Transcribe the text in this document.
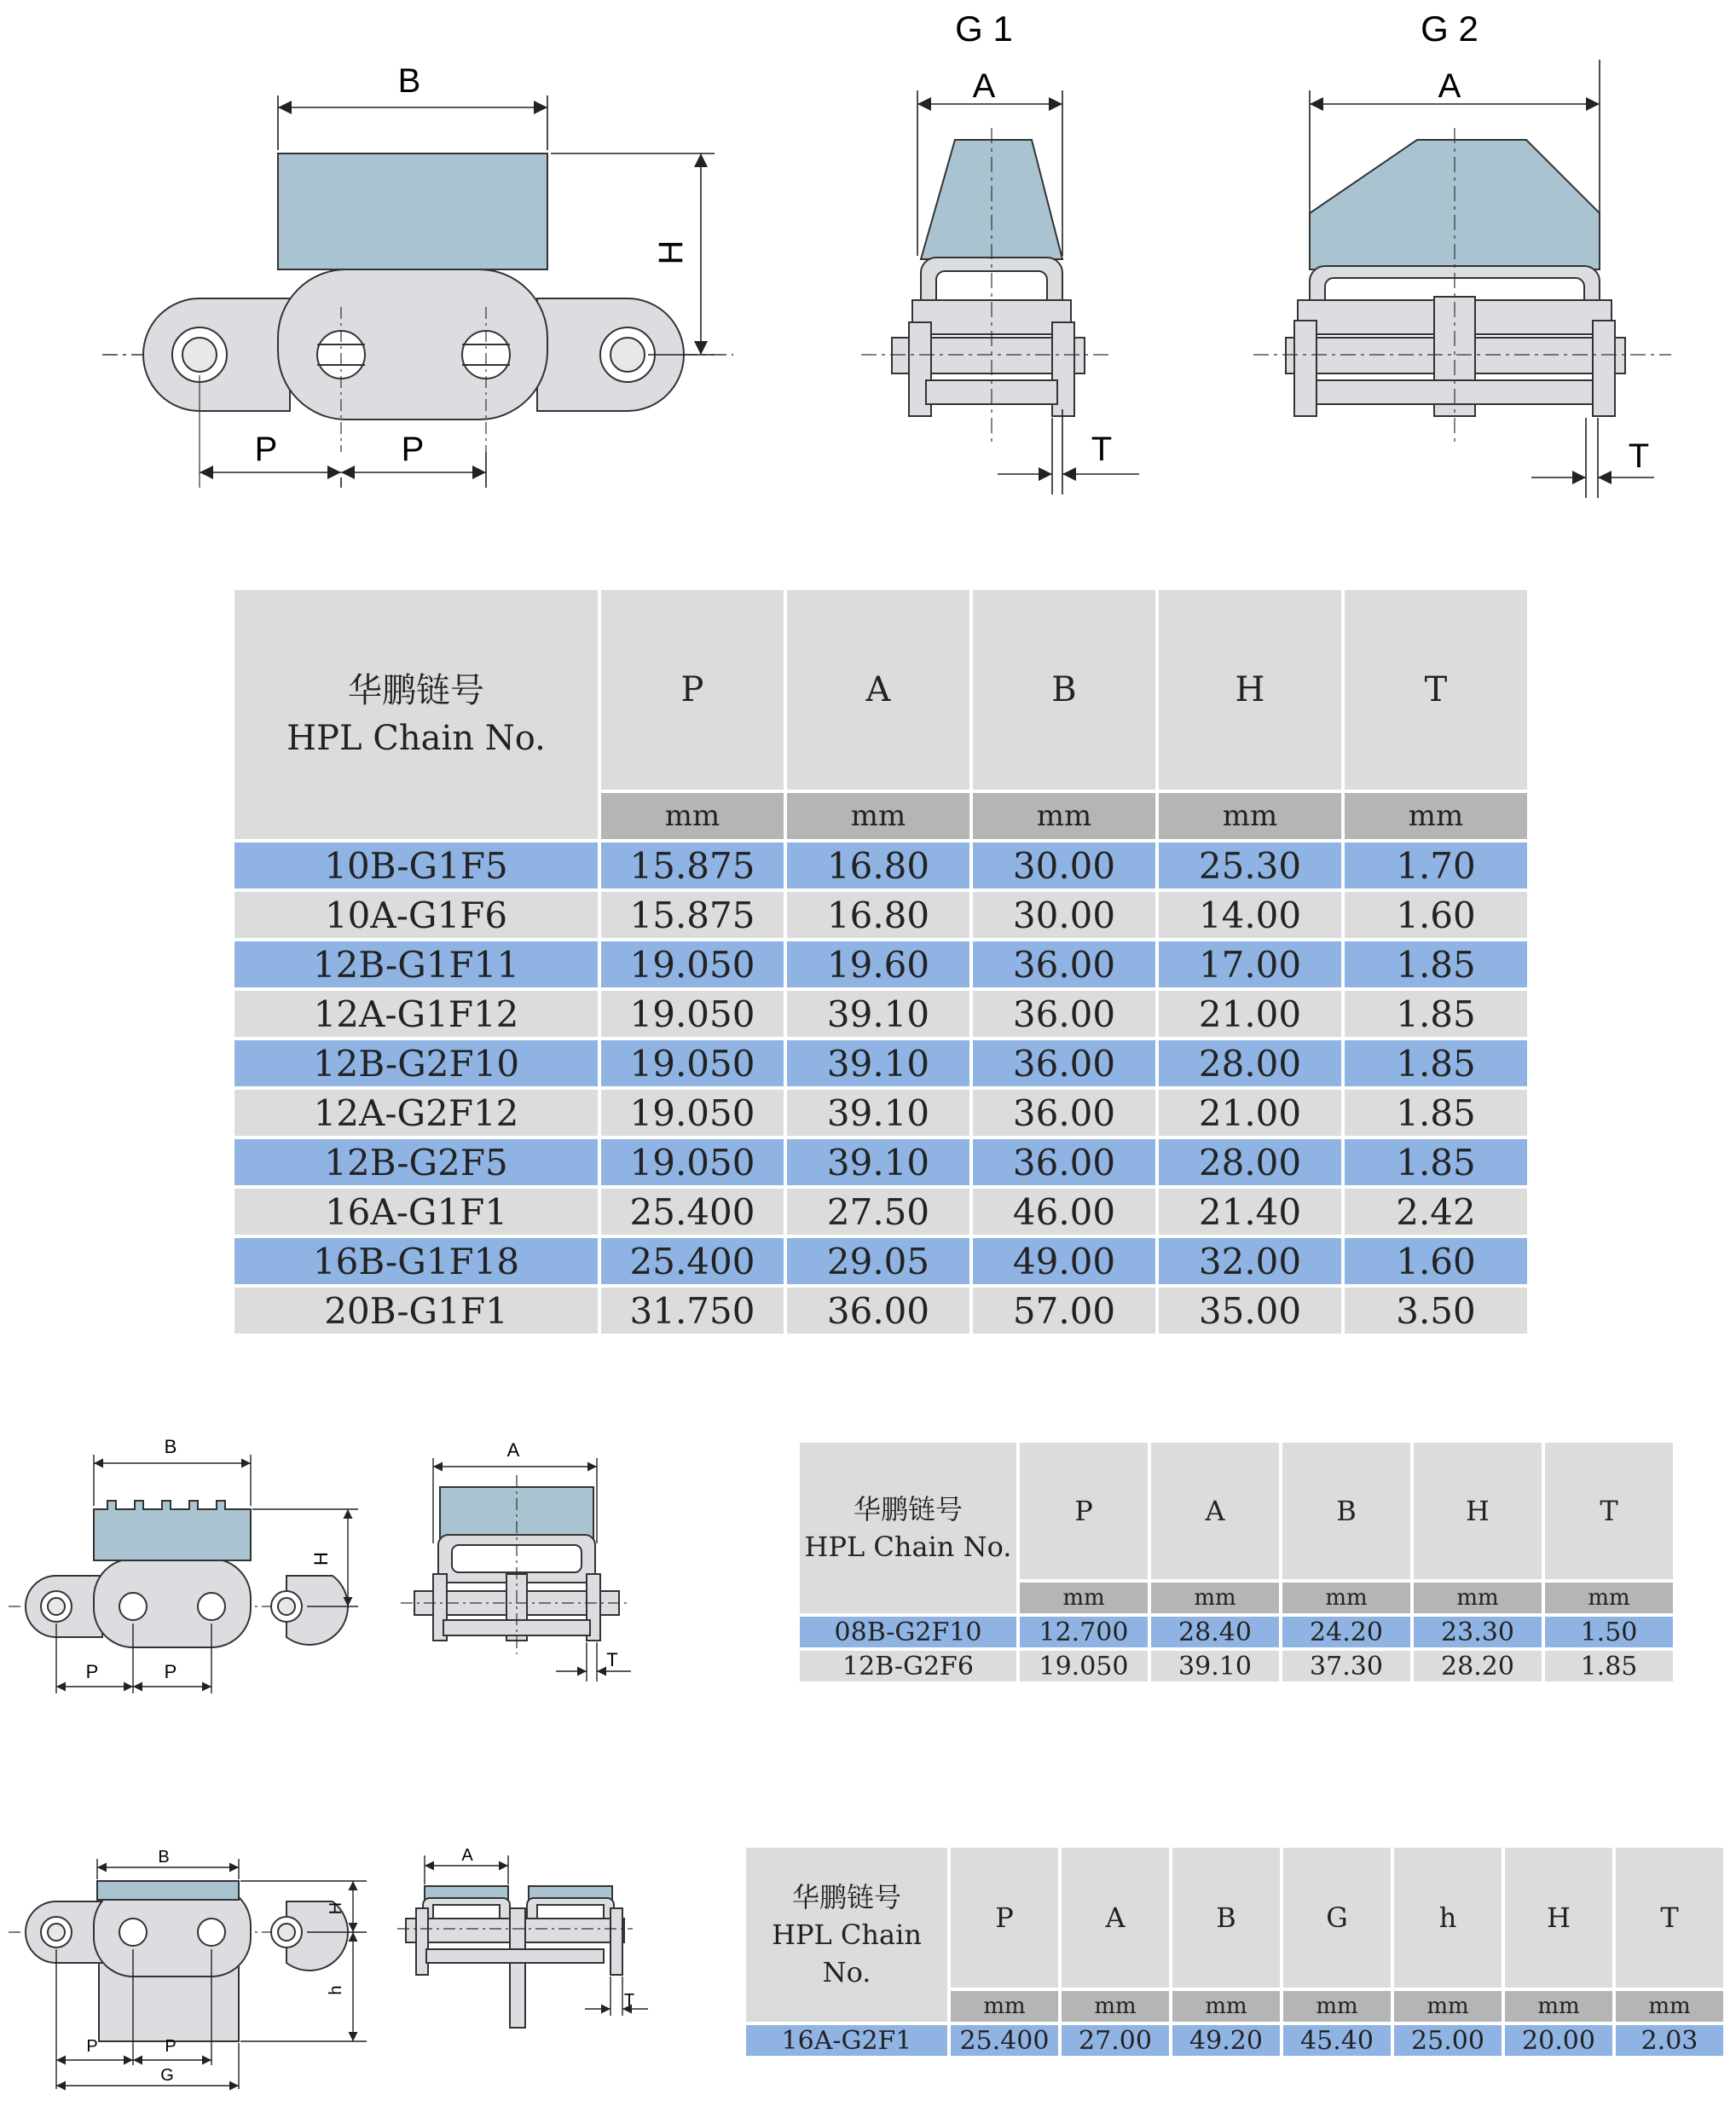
B
H
P	P
G 1
A
T
G 2
A
T
华鹏链号
HPL Chain No.	P	A	B	H	T
	mm	mm	mm	mm	mm
10B-G1F5	15.875	16.80	30.00	25.30	1.70
10A-G1F6	15.875	16.80	30.00	14.00	1.60
12B-G1F11	19.050	19.60	36.00	17.00	1.85
12A-G1F12	19.050	39.10	36.00	21.00	1.85
12B-G2F10	19.050	39.10	36.00	28.00	1.85
12A-G2F12	19.050	39.10	36.00	21.00	1.85
12B-G2F5	19.050	39.10	36.00	28.00	1.85
16A-G1F1	25.400	27.50	46.00	21.40	2.42
16B-G1F18	25.400	29.05	49.00	32.00	1.60
20B-G1F1	31.750	36.00	57.00	35.00	3.50
B
H
P	P
A
T
华鹏链号
HPL Chain No.	P	A	B	H	T
	mm	mm	mm	mm	mm
08B-G2F10	12.700	28.40	24.20	23.30	1.50
12B-G2F6	19.050	39.10	37.30	28.20	1.85
B
H
h
P	P
G
A
T
华鹏链号
HPL Chain No.	P	A	B	G	h	H	T
	mm	mm	mm	mm	mm	mm	mm
16A-G2F1	25.400	27.00	49.20	45.40	25.00	20.00	2.03
